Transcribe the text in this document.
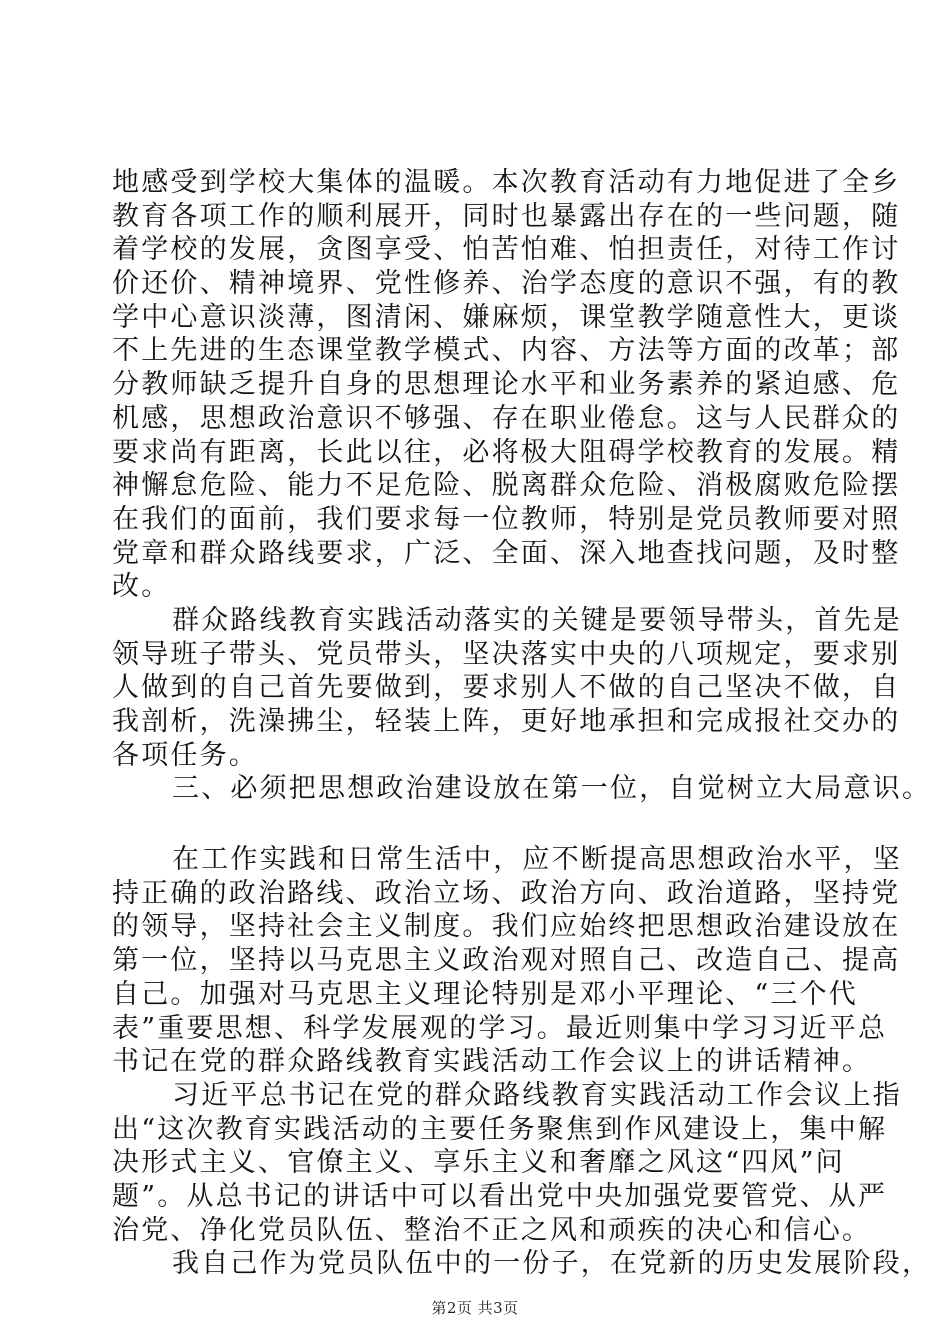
地感受到学校大集体的温暖。本次教育活动有力地促进了全乡
教育各项工作的顺利展开，同时也暴露出存在的一些问题，随
着学校的发展，贪图享受、怕苦怕难、怕担责任，对待工作讨
价还价、精神境界、党性修养、治学态度的意识不强，有的教
学中心意识淡薄，图清闲、嫌麻烦，课堂教学随意性大，更谈
不上先进的生态课堂教学模式、内容、方法等方面的改革；部
分教师缺乏提升自身的思想理论水平和业务素养的紧迫感、危
机感，思想政治意识不够强、存在职业倦怠。这与人民群众的
要求尚有距离，长此以往，必将极大阻碍学校教育的发展。精
神懈怠危险、能力不足危险、脱离群众危险、消极腐败危险摆
在我们的面前，我们要求每一位教师，特别是党员教师要对照
党章和群众路线要求，广泛、全面、深入地查找问题，及时整
改。
群众路线教育实践活动落实的关键是要领导带头，首先是
领导班子带头、党员带头，坚决落实中央的八项规定，要求别
人做到的自己首先要做到，要求别人不做的自己坚决不做，自
我剖析，洗澡拂尘，轻装上阵，更好地承担和完成报社交办的
各项任务。
三、必须把思想政治建设放在第一位，自觉树立大局意识。
在工作实践和日常生活中，应不断提高思想政治水平，坚
持正确的政治路线、政治立场、政治方向、政治道路，坚持党
的领导，坚持社会主义制度。我们应始终把思想政治建设放在
第一位，坚持以马克思主义政治观对照自己、改造自己、提高
自己。加强对马克思主义理论特别是邓小平理论、“三个代
表”重要思想、科学发展观的学习。最近则集中学习习近平总
书记在党的群众路线教育实践活动工作会议上的讲话精神。
习近平总书记在党的群众路线教育实践活动工作会议上指
出“这次教育实践活动的主要任务聚焦到作风建设上，集中解
决形式主义、官僚主义、享乐主义和奢靡之风这“四风”问
题”。从总书记的讲话中可以看出党中央加强党要管党、从严
治党、净化党员队伍、整治不正之风和顽疾的决心和信心。
我自己作为党员队伍中的一份子，在党新的历史发展阶段，
第2页 共3页
